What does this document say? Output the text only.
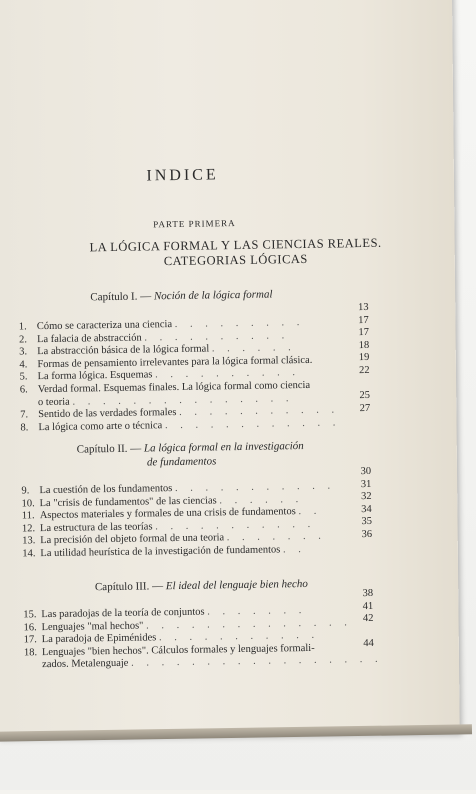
INDICE
PARTE PRIMERA
LA LÓGICA FORMAL Y LAS CIENCIAS REALES.
CATEGORIAS LÓGICAS
Capítulo I. — Noción de la lógica formal
1. Cómo se caracteriza una ciencia . . . . . . . . .
2. La falacia de abstracción . . . . . . . . . .
3. La abstracción básica de la lógica formal . . . . . .
4. Formas de pensamiento irrelevantes para la lógica formal clásica.
5. La forma lógica. Esquemas . . . . . . . . . .
6. Verdad formal. Esquemas finales. La lógica formal como ciencia
o teoria . . . . . . . . . . . . . . .
7. Sentido de las verdades formales . . . . . . . . . . .
8. La lógica como arte o técnica . . . . . . . . . . . .
13
17
17
18
19
22

25
27
Capítulo II. — La lógica formal en la investigación
de fundamentos
9. La cuestión de los fundamentos . . . . . . . . . . .
10. La "crisis de fundamentos" de las ciencias . . . . . .
11. Aspectos materiales y formales de una crisis de fundamentos . .
12. La estructura de las teorías . . . . . . . . . . .
13. La precisión del objeto formal de una teoria . . . . . . .
14. La utilidad heurística de la investigación de fundamentos . .
30
31
32
34
35
36
Capítulo III. — El ideal del lenguaje bien hecho
15. Las paradojas de la teoría de conjuntos . . . . . . .
16. Lenguajes "mal hechos" . . . . . . . . . . . . . .
17. La paradoja de Epiménides . . . . . . . . . . .
18. Lenguajes "bien hechos". Cálculos formales y lenguajes formali-
zados. Metalenguaje . . . . . . . . . . . . . . . . .
38
41
42

44
